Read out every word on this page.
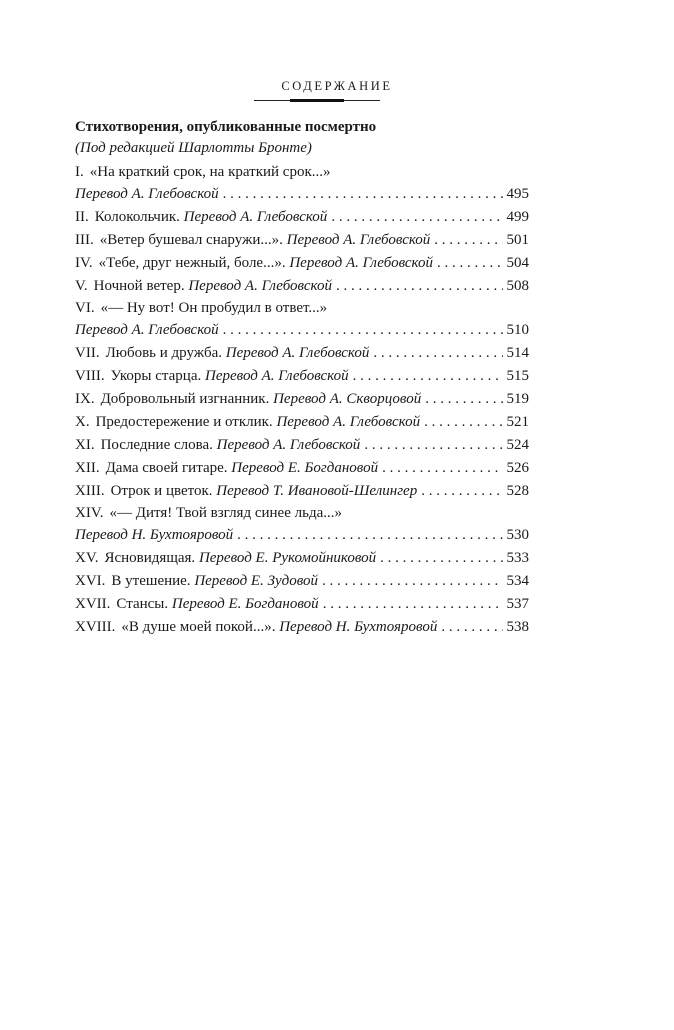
СОДЕРЖАНИЕ
Стихотворения, опубликованные посмертно
(Под редакцией Шарлотты Бронте)
I. «На краткий срок, на краткий срок...»
Перевод А. Глебовской . . .	495
II. Колокольчик. Перевод А. Глебовской . . .	499
III. «Ветер бушевал снаружи...». Перевод А. Глебовской . . .	501
IV. «Тебе, друг нежный, боле...». Перевод А. Глебовской . . .	504
V. Ночной ветер. Перевод А. Глебовской . . .	508
VI. «— Ну вот! Он пробудил в ответ...»
Перевод А. Глебовской . . .	510
VII. Любовь и дружба. Перевод А. Глебовской . . .	514
VIII. Укоры старца. Перевод А. Глебовской . . .	515
IX. Добровольный изгнанник. Перевод А. Скворцовой . . .	519
X. Предостережение и отклик. Перевод А. Глебовской . . .	521
XI. Последние слова. Перевод А. Глебовской . . .	524
XII. Дама своей гитаре. Перевод Е. Богдановой . . .	526
XIII. Отрок и цветок. Перевод Т. Ивановой-Шелингер . . .	528
XIV. «— Дитя! Твой взгляд синее льда...»
Перевод Н. Бухтояровой . . .	530
XV. Ясновидящая. Перевод Е. Рукомойниковой . . .	533
XVI. В утешение. Перевод Е. Зудовой . . .	534
XVII. Стансы. Перевод Е. Богдановой . . .	537
XVIII. «В душе моей покой...». Перевод Н. Бухтояровой . . .	538
